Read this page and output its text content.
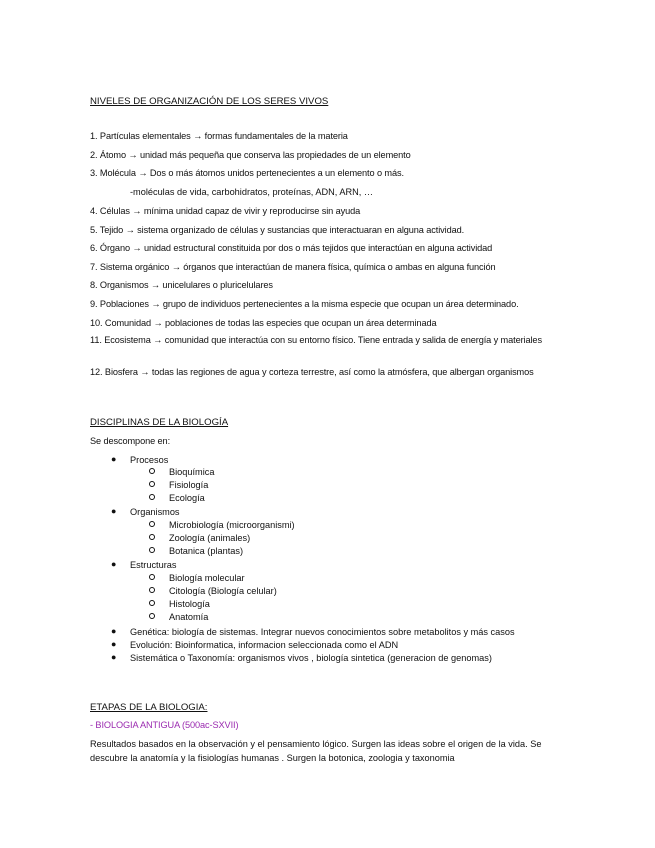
NIVELES DE ORGANIZACIÓN DE LOS SERES VIVOS
1. Partículas elementales → formas fundamentales de la materia
2. Átomo → unidad más pequeña que conserva las propiedades de un elemento
3. Molécula → Dos o más átomos unidos pertenecientes a un elemento o más.
-moléculas de vida, carbohidratos, proteínas, ADN, ARN, …
4. Células → mínima unidad capaz de vivir y reproducirse sin ayuda
5. Tejido → sistema organizado de células y sustancias que interactuaran en alguna actividad.
6. Órgano → unidad estructural constituida por dos o más tejidos que interactúan en alguna actividad
7. Sistema orgánico → órganos que interactúan de manera física, química o ambas en alguna función
8. Organismos → unicelulares o pluricelulares
9. Poblaciones → grupo de individuos pertenecientes a la misma especie que ocupan un área determinado.
10. Comunidad → poblaciones de todas las especies que ocupan un área determinada
11. Ecosistema → comunidad que interactúa con su entorno físico. Tiene entrada y salida de energía y materiales
12. Biosfera → todas las regiones de agua y corteza terrestre, así como la atmósfera, que albergan organismos
DISCIPLINAS DE LA BIOLOGÍA
Se descompone en:
● Procesos
Bioquímica
Fisiología
Ecología
● Organismos
Microbiología (microorganismi)
Zoología (animales)
Botanica (plantas)
● Estructuras
Biología molecular
Citología (Biología celular)
Histología
Anatomía
● Genética: biología de sistemas. Integrar nuevos conocimientos sobre metabolitos y más casos
● Evolución: Bioinformatica, informacion seleccionada como el ADN
● Sistemática o Taxonomía: organismos vivos , biología sintetica (generacion de genomas)
ETAPAS DE LA BIOLOGIA:
- BIOLOGIA ANTIGUA (500ac-SXVII)
Resultados basados en la observación y el pensamiento lógico. Surgen las ideas sobre el origen de la vida. Se descubre la anatomía y la fisiologías humanas . Surgen la botonica, zoologia y taxonomia
